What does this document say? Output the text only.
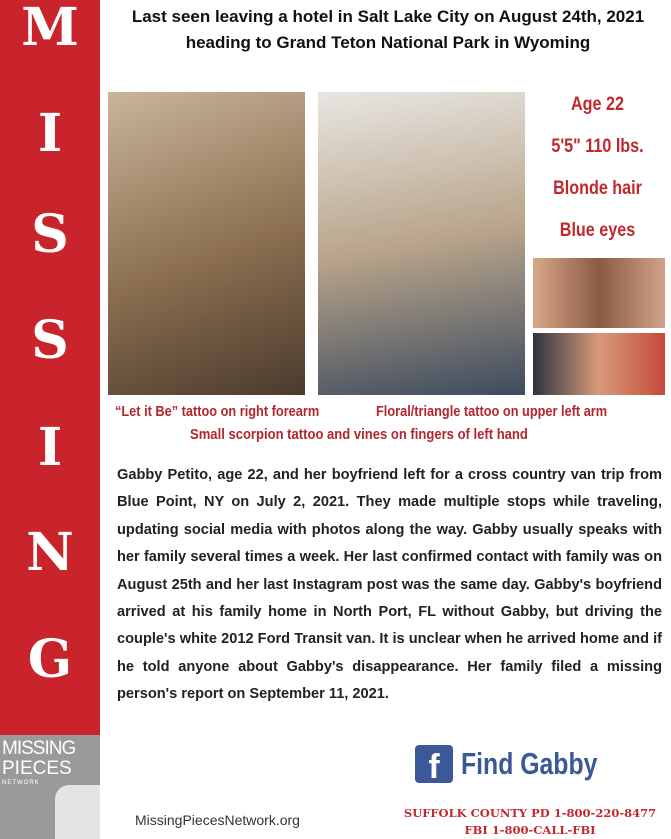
M
I
S
S
I
N
G
MISSING
PIECES
NETWORK
Last seen leaving a hotel in Salt Lake City on August 24th, 2021 heading to Grand Teton National Park in Wyoming
Age 22
5'5" 110 lbs.
Blonde hair
Blue eyes
“Let it Be” tattoo on right forearm	Floral/triangle tattoo on upper left arm
Small scorpion tattoo and vines on fingers of left hand
Gabby Petito, age 22, and her boyfriend left for a cross country van trip from Blue Point, NY on July 2, 2021. They made multiple stops while traveling, updating social media with photos along the way. Gabby usually speaks with her family several times a week. Her last confirmed contact with family was on August 25th and her last Instagram post was the same day. Gabby's boyfriend arrived at his family home in North Port, FL without Gabby, but driving the couple's white 2012 Ford Transit van. It is unclear when he arrived home and if he told anyone about Gabby's disappearance. Her family filed a missing person's report on September 11, 2021.
f Find Gabby
MissingPiecesNetwork.org	SUFFOLK COUNTY PD 1-800-220-8477
FBI 1-800-CALL-FBI
